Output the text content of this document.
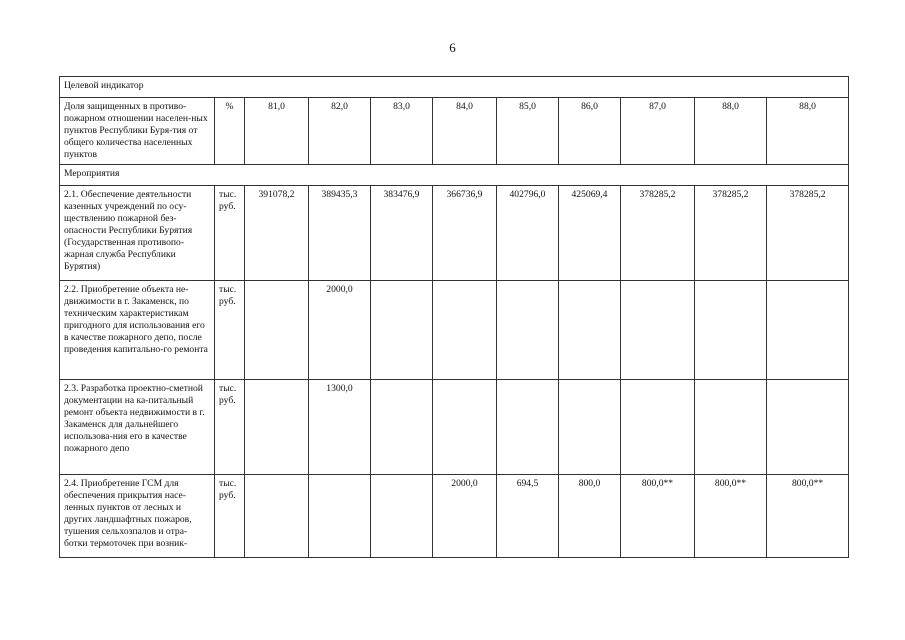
6
Целевой индикатор										
Доля защищенных в противо-пожарном отношении населен-ных пунктов Республики Буря-тия от общего количества населенных пунктов	%	81,0	82,0	83,0	84,0	85,0	86,0	87,0	88,0	88,0
Мероприятия										
2.1. Обеспечение деятельности казенных учреждений по осу-ществлению пожарной без-опасности Республики Бурятия (Государственная противопо-жарная служба Республики Бурятия)	тыс. руб.	391078,2	389435,3	383476,9	366736,9	402796,0	425069,4	378285,2	378285,2	378285,2
2.2. Приобретение объекта не-движимости в г. Закаменск, по техническим характеристикам пригодного для использования его в качестве пожарного депо, после проведения капитально-го ремонта	тыс. руб.		2000,0							
2.3. Разработка проектно-сметной документации на ка-питальный ремонт объекта недвижимости в г. Закаменск для дальнейшего использова-ния его в качестве пожарного депо	тыс. руб.		1300,0							
2.4. Приобретение ГСМ для обеспечения прикрытия насе-ленных пунктов от лесных и других ландшафтных пожаров, тушения сельхозпалов и отра-ботки термоточек при возник-	тыс. руб.				2000,0	694,5	800,0	800,0**	800,0**	800,0**
